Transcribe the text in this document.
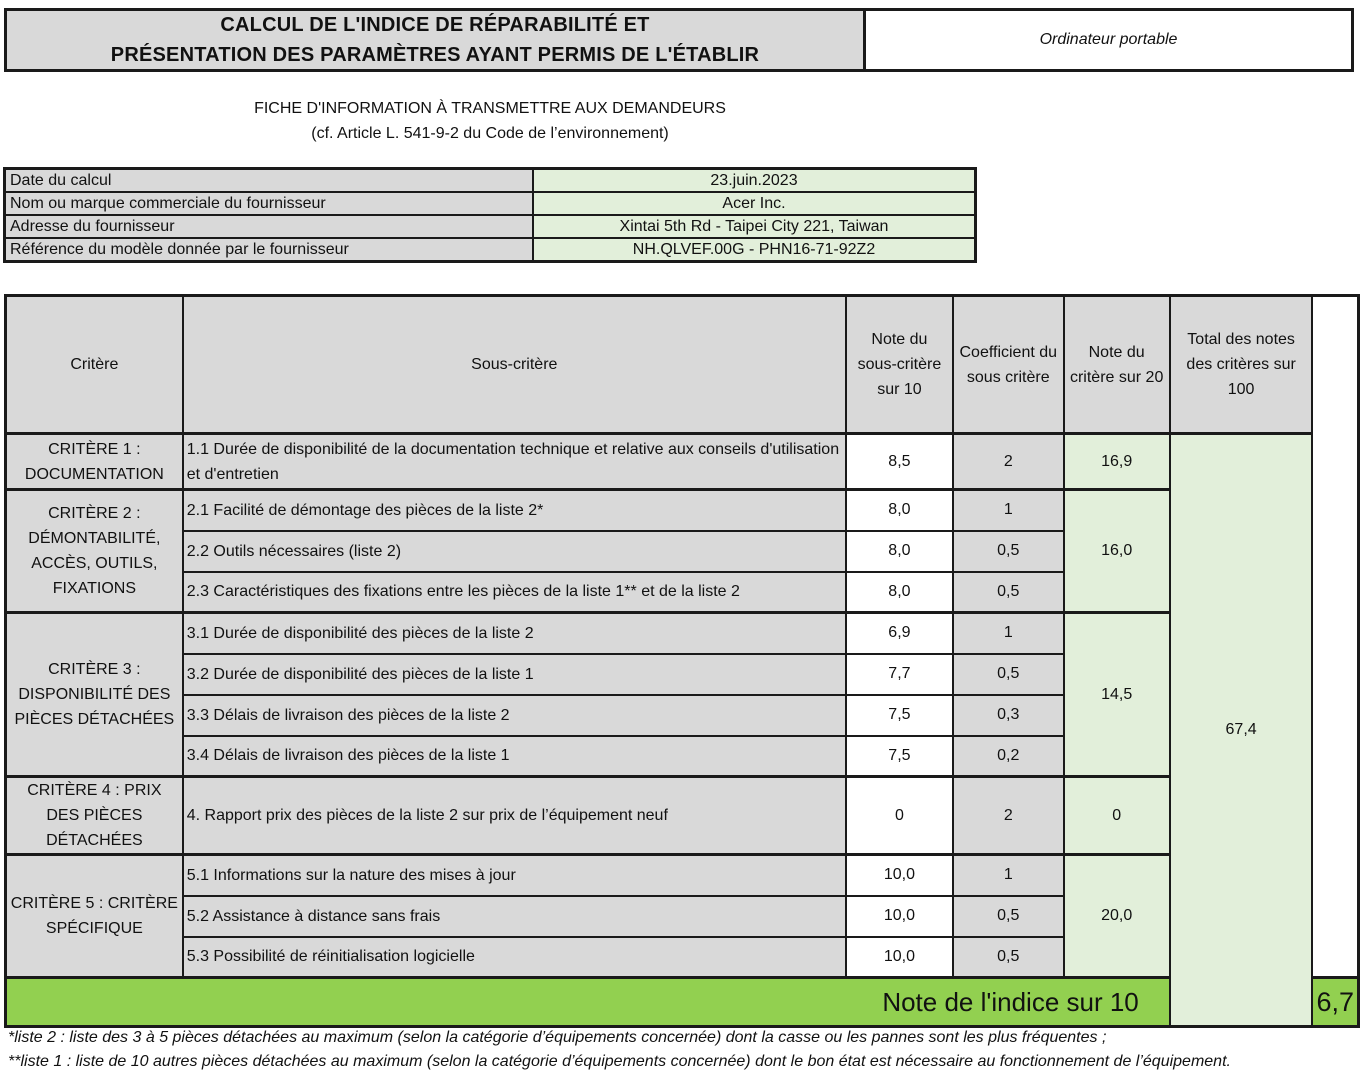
CALCUL DE L'INDICE DE RÉPARABILITÉ ET
PRÉSENTATION DES PARAMÈTRES AYANT PERMIS DE L'ÉTABLIR
Ordinateur portable
FICHE D'INFORMATION À TRANSMETTRE AUX DEMANDEURS
(cf. Article L. 541-9-2 du Code de l’environnement)
Date du calcul	23.juin.2023
Nom ou marque commerciale du fournisseur	Acer Inc.
Adresse du fournisseur	Xintai 5th Rd - Taipei City 221, Taiwan
Référence du modèle donnée par le fournisseur	NH.QLVEF.00G - PHN16-71-92Z2
Critère	Sous-critère	Note du sous-critère sur 10	Coefficient du sous critère	Note du critère sur 20	Total des notes des critères sur 100	
CRITÈRE 1 : DOCUMENTATION	1.1 Durée de disponibilité de la documentation technique et relative aux conseils d'utilisation et d'entretien	8,5	2	16,9	67,4	
CRITÈRE 2 : DÉMONTABILITÉ, ACCÈS, OUTILS, FIXATIONS	2.1 Facilité de démontage des pièces de la liste 2*	8,0	1	16,0		
	2.2 Outils nécessaires (liste 2)	8,0	0,5			
	2.3 Caractéristiques des fixations entre les pièces de la liste 1** et de la liste 2	8,0	0,5			
CRITÈRE 3 : DISPONIBILITÉ DES PIÈCES DÉTACHÉES	3.1 Durée de disponibilité des pièces de la liste 2	6,9	1	14,5		
	3.2 Durée de disponibilité des pièces de la liste 1	7,7	0,5			
	3.3 Délais de livraison des pièces de la liste 2	7,5	0,3			
	3.4 Délais de livraison des pièces de la liste 1	7,5	0,2			
CRITÈRE 4 : PRIX DES PIÈCES DÉTACHÉES	4. Rapport prix des pièces de la liste 2 sur prix de l’équipement neuf	0	2	0		
CRITÈRE 5 : CRITÈRE SPÉCIFIQUE	5.1 Informations sur la nature des mises à jour	10,0	1	20,0		
	5.2 Assistance à distance sans frais	10,0	0,5			
	5.3 Possibilité de réinitialisation logicielle	10,0	0,5			
Note de l'indice sur 10						6,7
*liste 2 : liste des 3 à 5 pièces détachées au maximum (selon la catégorie d’équipements concernée) dont la casse ou les pannes sont les plus fréquentes ;
**liste 1 : liste de 10 autres pièces détachées au maximum (selon la catégorie d’équipements concernée) dont le bon état est nécessaire au fonctionnement de l’équipement.
